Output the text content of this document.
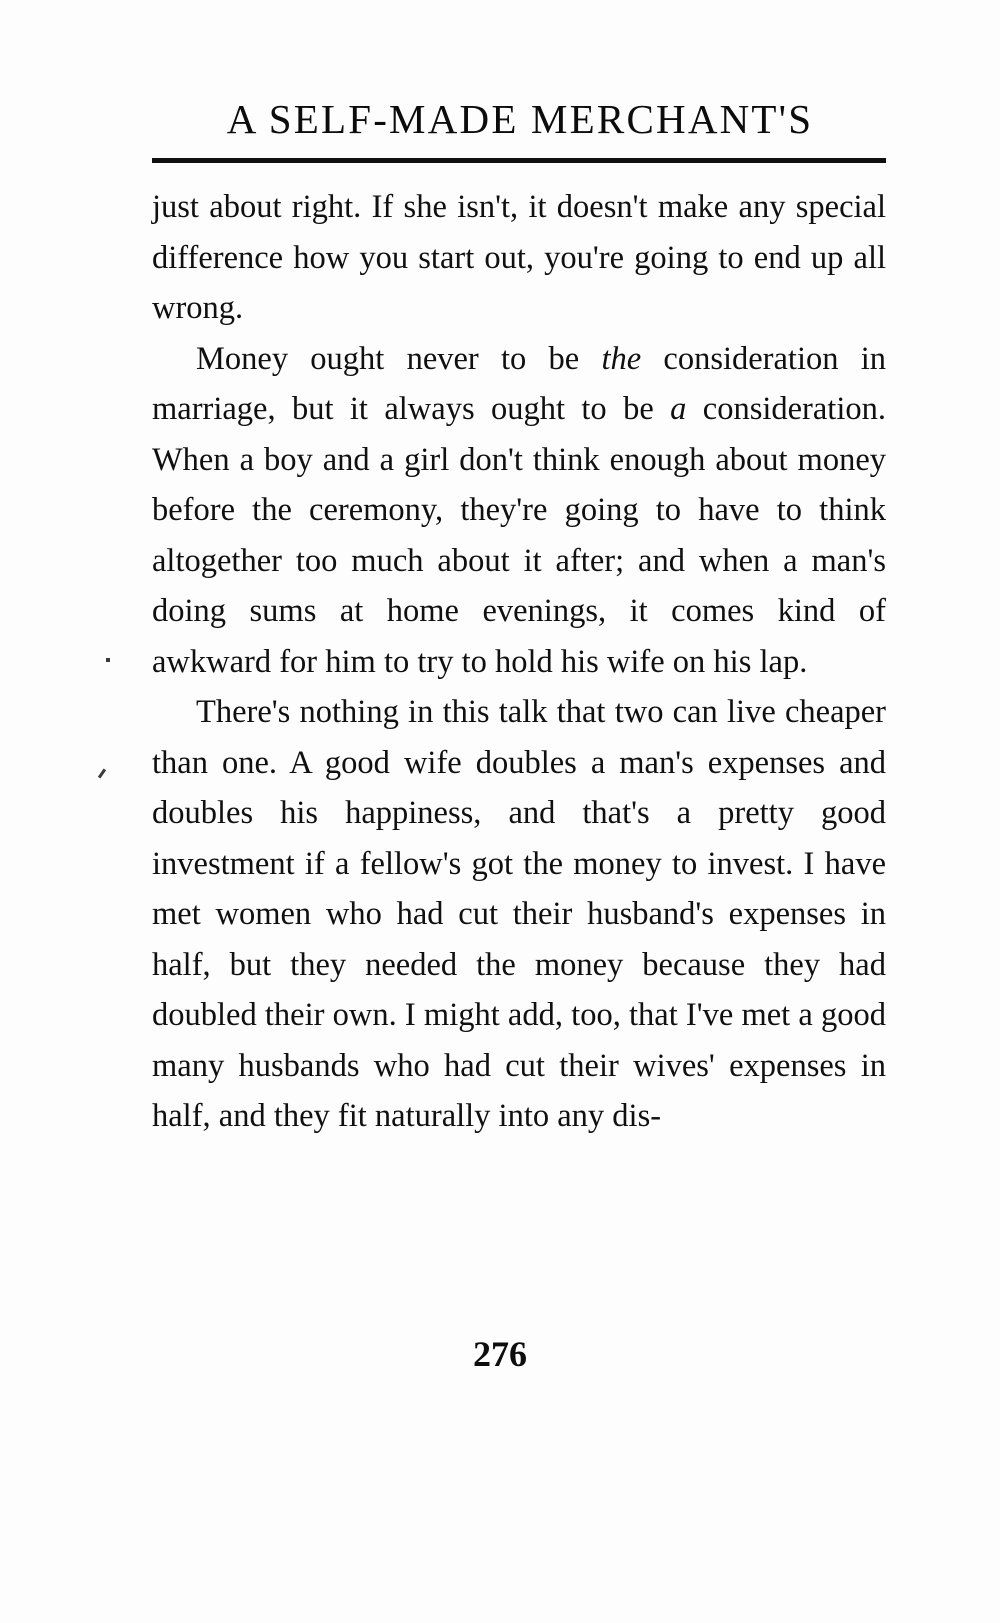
A SELF-MADE MERCHANT'S

just about right. If she isn't, it doesn't make any special difference how you start out, you're going to end up all wrong.

Money ought never to be the consideration in marriage, but it always ought to be a consideration. When a boy and a girl don't think enough about money before the ceremony, they're going to have to think altogether too much about it after; and when a man's doing sums at home evenings, it comes kind of awkward for him to try to hold his wife on his lap.

There's nothing in this talk that two can live cheaper than one. A good wife doubles a man's expenses and doubles his happiness, and that's a pretty good investment if a fellow's got the money to invest. I have met women who had cut their husband's expenses in half, but they needed the money because they had doubled their own. I might add, too, that I've met a good many husbands who had cut their wives' expenses in half, and they fit naturally into any dis-

276
